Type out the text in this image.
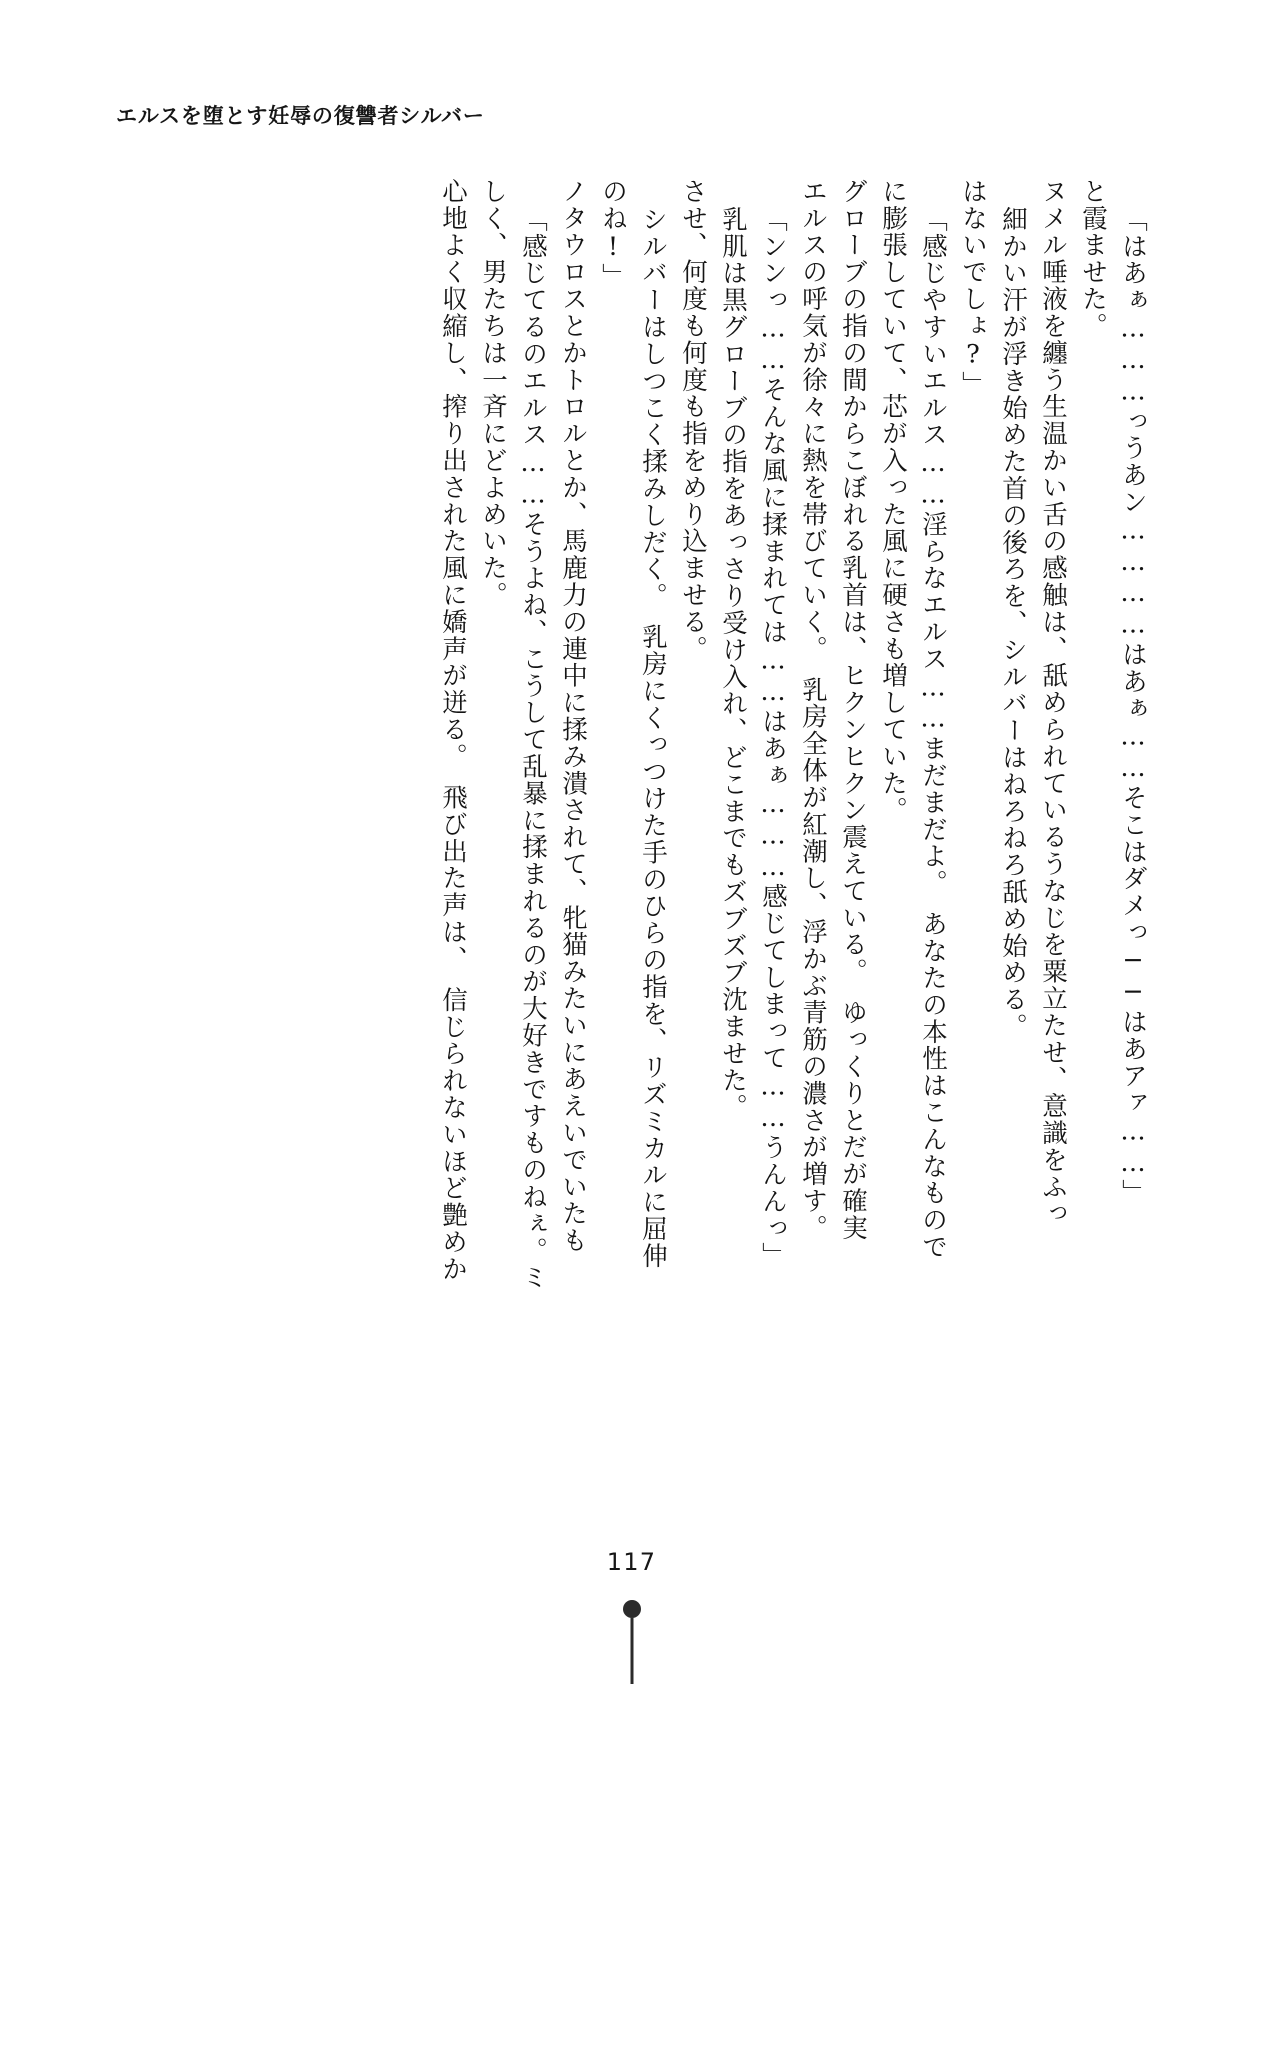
エルスを堕とす妊辱の復讐者シルバー
心地よく収縮し、搾り出された風に嬌声が迸る。　飛び出た声は、　信じられないほど艶めか しく、男たちは一斉にどよめいた。 「感じてるのエルス……そうよね、こうして乱暴に揉まれるのが大好きですものねぇ。ミ ノタウロスとかトロルとか、馬鹿力の連中に揉み潰されて、牝猫みたいにあえいでいたも のね!」 シルバーはしつこく揉みしだく。　乳房にくっつけた手のひらの指を、リズミカルに屈伸 させ、何度も何度も指をめり込ませる。 乳肌は黒グローブの指をあっさり受け入れ、どこまでもズブズブ沈ませた。 「ンンっ……そんな風に揉まれては……はあぁ………感じてしまって……うんんっ」 エルスの呼気が徐々に熱を帯びていく。　乳房全体が紅潮し、浮かぶ青筋の濃さが増す。 グローブの指の間からこぼれる乳首は、ヒクンヒクン震えている。　ゆっくりとだが確実 に膨張していて、芯が入った風に硬さも増していた。 「感じやすいエルス……淫らなエルス……まだまだよ。　あなたの本性はこんなもので はないでしょ?」 細かい汗が浮き始めた首の後ろを、シルバーはねろねろ舐め始める。 ヌメル唾液を纏う生温かい舌の感触は、舐められているうなじを粟立たせ、意識をふっ と霞ませた。 「はあぁ………っうあン…………はあぁ……そこはダメっ──はあアァ……」
117
